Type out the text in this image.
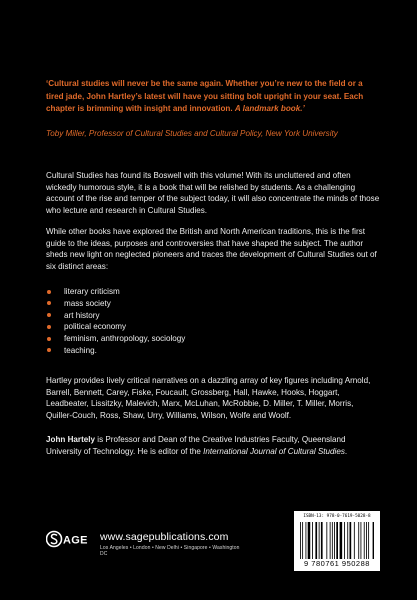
‘Cultural studies will never be the same again. Whether you’re new to the field or a tired jade, John Hartley’s latest will have you sitting bolt upright in your seat. Each chapter is brimming with insight and innovation. A landmark book.’
Toby Miller, Professor of Cultural Studies and Cultural Policy, New York University
Cultural Studies has found its Boswell with this volume! With its uncluttered and often wickedly humorous style, it is a book that will be relished by students. As a challenging account of the rise and temper of the subject today, it will also concentrate the minds of those who lecture and research in Cultural Studies.
While other books have explored the British and North American traditions, this is the first guide to the ideas, purposes and controversies that have shaped the subject. The author sheds new light on neglected pioneers and traces the development of Cultural Studies out of six distinct areas:
literary criticism
mass society
art history
political economy
feminism, anthropology, sociology
teaching.
Hartley provides lively critical narratives on a dazzling array of key figures including Arnold, Barrell, Bennett, Carey, Fiske, Foucault, Grossberg, Hall, Hawke, Hooks, Hoggart, Leadbeater, Lissitzky, Malevich, Marx, McLuhan, McRobbie, D. Miller, T. Miller, Morris, Quiller-Couch, Ross, Shaw, Urry, Williams, Wilson, Wolfe and Woolf.
John Hartely is Professor and Dean of the Creative Industries Faculty, Queensland University of Technology. He is editor of the International Journal of Cultural Studies.
AGE www.sagepublications.com
Los Angeles • London • New Delhi • Singapore • Washington DC
ISBN-13: 978-0-7619-5028-8
9 780761 950288
